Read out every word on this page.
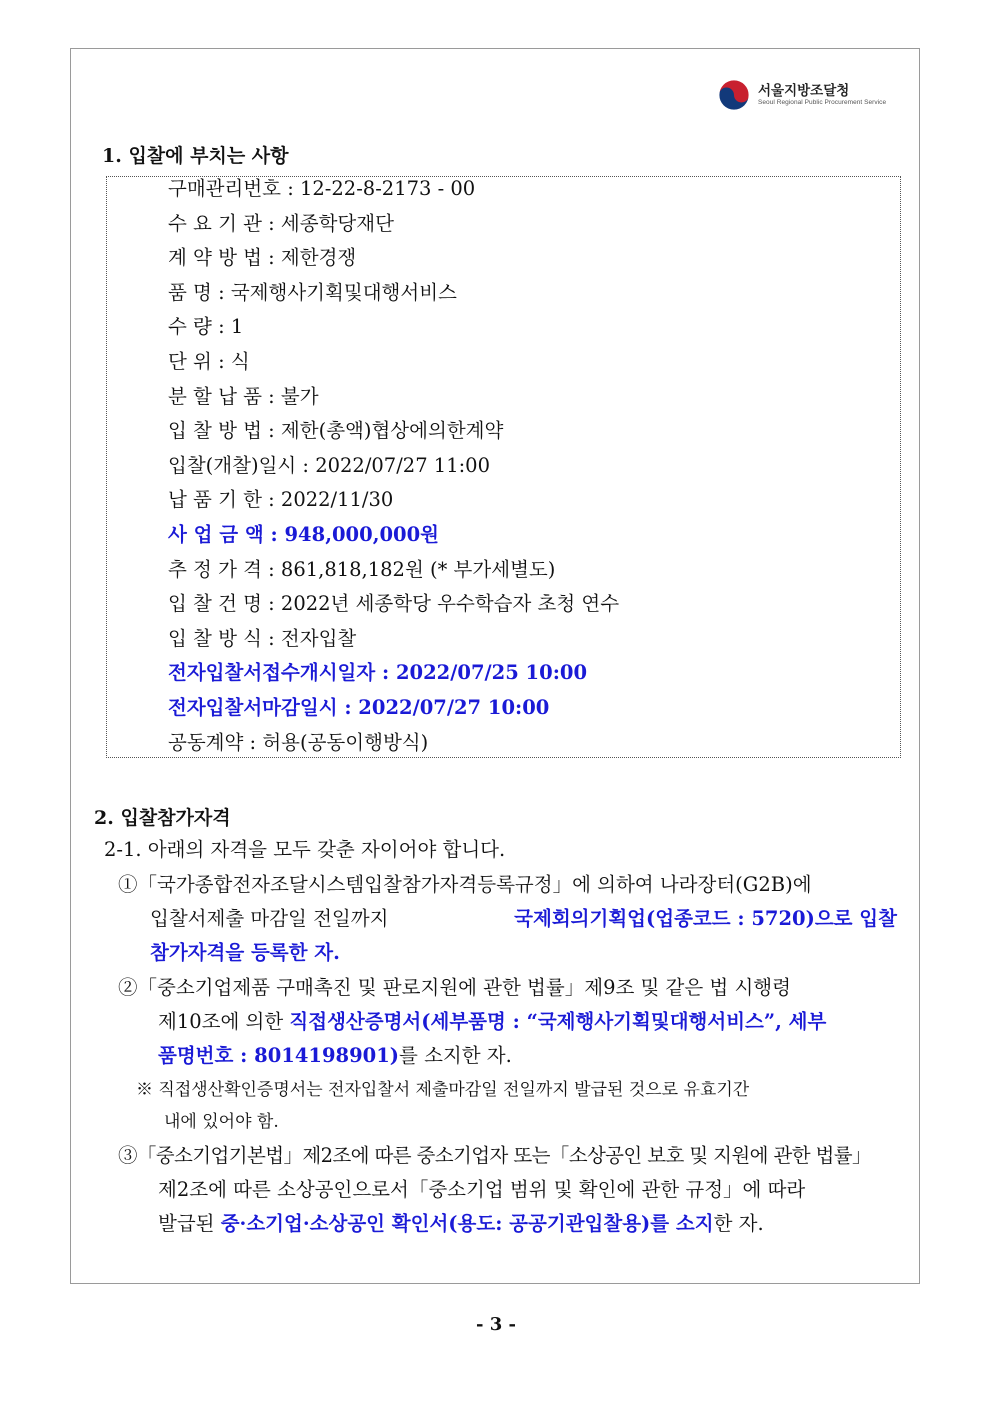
서울지방조달청
Seoul Regional Public Procurement Service
1. 입찰에 부치는 사항
구매관리번호 : 12-22-8-2173 - 00
수 요 기 관 : 세종학당재단
계 약 방 법 : 제한경쟁
품 명 : 국제행사기획및대행서비스
수 량 : 1
단 위 : 식
분 할 납 품 : 불가
입 찰 방 법 : 제한(총액)협상에의한계약
입찰(개찰)일시 : 2022/07/27 11:00
납 품 기 한 : 2022/11/30
사 업 금 액 : 948,000,000원
추 정 가 격 : 861,818,182원 (* 부가세별도)
입 찰 건 명 : 2022년 세종학당 우수학습자 초청 연수
입 찰 방 식 : 전자입찰
전자입찰서접수개시일자 : 2022/07/25 10:00
전자입찰서마감일시 : 2022/07/27 10:00
공동계약 : 허용(공동이행방식)
2. 입찰참가자격
2-1. 아래의 자격을 모두 갖춘 자이어야 합니다.
①「국가종합전자조달시스템입찰참가자격등록규정」에 의하여 나라장터(G2B)에
입찰서제출 마감일 전일까지	국제회의기획업(업종코드 : 5720)으로 입찰
참가자격을 등록한 자.
②「중소기업제품 구매촉진 및 판로지원에 관한 법률」제9조 및 같은 법 시행령
제10조에 의한 직접생산증명서(세부품명 : “국제행사기획및대행서비스”, 세부
품명번호 : 8014198901)를 소지한 자.
※ 직접생산확인증명서는 전자입찰서 제출마감일 전일까지 발급된 것으로 유효기간
내에 있어야 함.
③「중소기업기본법」제2조에 따른 중소기업자 또는「소상공인 보호 및 지원에 관한 법률」
제2조에 따른 소상공인으로서「중소기업 범위 및 확인에 관한 규정」에 따라
발급된 중·소기업·소상공인 확인서(용도: 공공기관입찰용)를 소지한 자.
- 3 -
